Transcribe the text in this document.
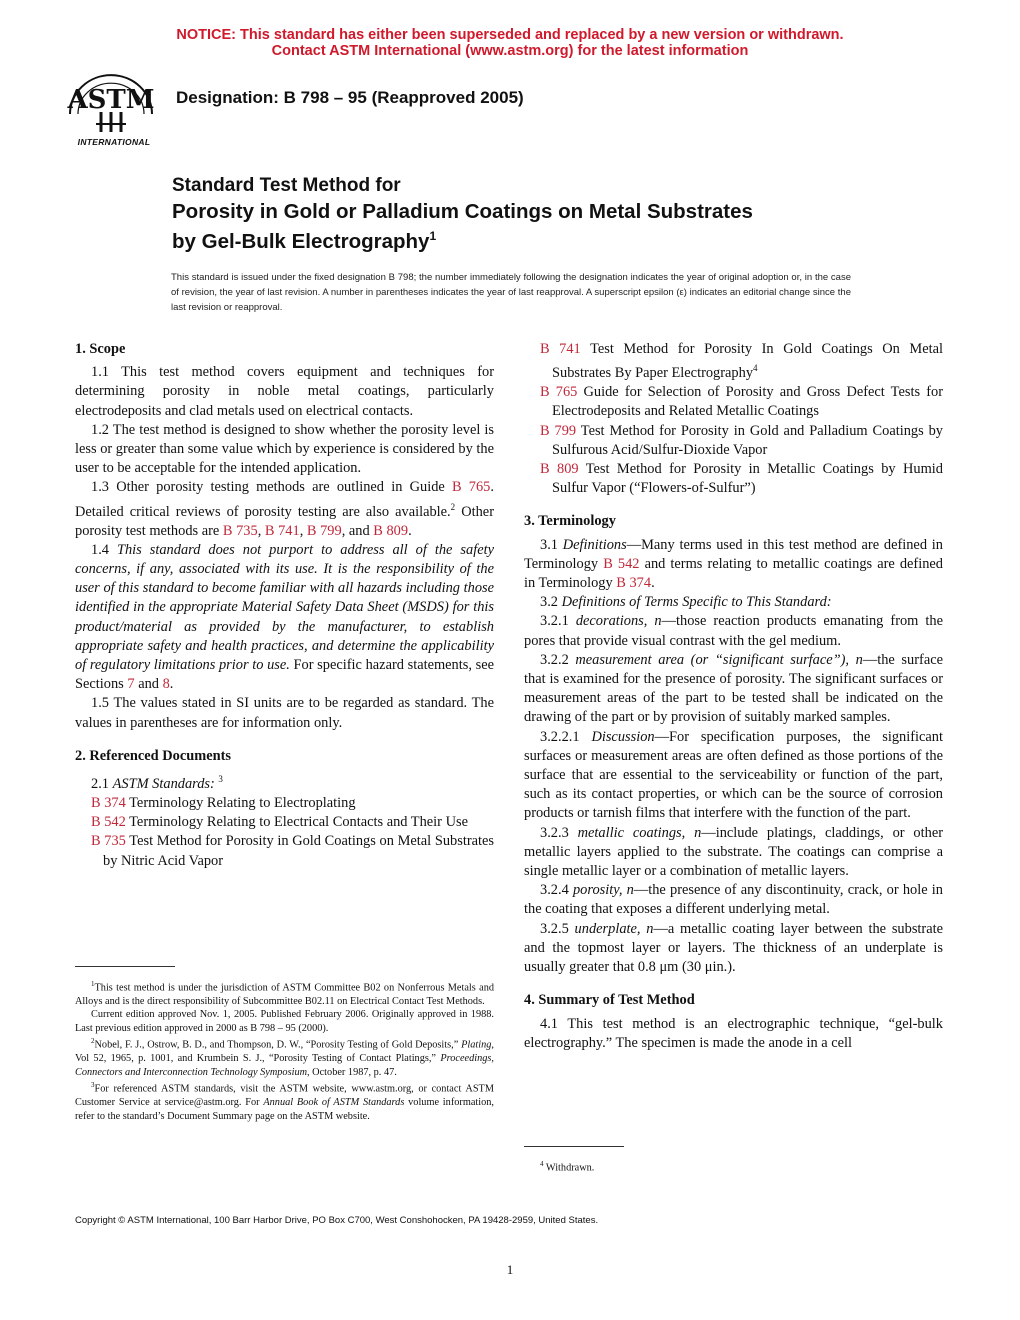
NOTICE: This standard has either been superseded and replaced by a new version or withdrawn.
Contact ASTM International (www.astm.org) for the latest information
ASTM
INTERNATIONAL
Designation: B 798 – 95 (Reapproved 2005)
Standard Test Method for
Porosity in Gold or Palladium Coatings on Metal Substrates
by Gel-Bulk Electrography$^1$
This standard is issued under the fixed designation B 798; the number immediately following the designation indicates the year of original adoption or, in the case of revision, the year of last revision. A number in parentheses indicates the year of last reapproval. A superscript epsilon (ε) indicates an editorial change since the last revision or reapproval.

1. Scope

1.1 This test method covers equipment and techniques for determining porosity in noble metal coatings, particularly electrodeposits and clad metals used on electrical contacts.

1.2 The test method is designed to show whether the porosity level is less or greater than some value which by experience is considered by the user to be acceptable for the intended application.

1.3 Other porosity testing methods are outlined in Guide B 765. Detailed critical reviews of porosity testing are also available.$^2$ Other porosity test methods are B 735, B 741, B 799, and B 809.

1.4 This standard does not purport to address all of the safety concerns, if any, associated with its use. It is the responsibility of the user of this standard to become familiar with all hazards including those identified in the appropriate Material Safety Data Sheet (MSDS) for this product/material as provided by the manufacturer, to establish appropriate safety and health practices, and determine the applicability of regulatory limitations prior to use. For specific hazard statements, see Sections 7 and 8.

1.5 The values stated in SI units are to be regarded as standard. The values in parentheses are for information only.

2. Referenced Documents

2.1 ASTM Standards: $^3$

B 374 Terminology Relating to Electroplating

B 542 Terminology Relating to Electrical Contacts and Their Use

B 735 Test Method for Porosity in Gold Coatings on Metal Substrates by Nitric Acid Vapor

$^1$This test method is under the jurisdiction of ASTM Committee B02 on Nonferrous Metals and Alloys and is the direct responsibility of Subcommittee B02.11 on Electrical Contact Test Methods.

Current edition approved Nov. 1, 2005. Published February 2006. Originally approved in 1988. Last previous edition approved in 2000 as B 798 – 95 (2000).

$^2$Nobel, F. J., Ostrow, B. D., and Thompson, D. W., “Porosity Testing of Gold Deposits,” Plating, Vol 52, 1965, p. 1001, and Krumbein S. J., “Porosity Testing of Contact Platings,” Proceedings, Connectors and Interconnection Technology Symposium, October 1987, p. 47.

$^3$For referenced ASTM standards, visit the ASTM website, www.astm.org, or contact ASTM Customer Service at service@astm.org. For Annual Book of ASTM Standards volume information, refer to the standard’s Document Summary page on the ASTM website.

B 741 Test Method for Porosity In Gold Coatings On Metal Substrates By Paper Electrography$^4$

B 765 Guide for Selection of Porosity and Gross Defect Tests for Electrodeposits and Related Metallic Coatings

B 799 Test Method for Porosity in Gold and Palladium Coatings by Sulfurous Acid/Sulfur-Dioxide Vapor

B 809 Test Method for Porosity in Metallic Coatings by Humid Sulfur Vapor (“Flowers-of-Sulfur”)

3. Terminology

3.1 Definitions—Many terms used in this test method are defined in Terminology B 542 and terms relating to metallic coatings are defined in Terminology B 374.

3.2 Definitions of Terms Specific to This Standard:

3.2.1 decorations, n—those reaction products emanating from the pores that provide visual contrast with the gel medium.

3.2.2 measurement area (or “significant surface”), n—the surface that is examined for the presence of porosity. The significant surfaces or measurement areas of the part to be tested shall be indicated on the drawing of the part or by provision of suitably marked samples.

3.2.2.1 Discussion—For specification purposes, the significant surfaces or measurement areas are often defined as those portions of the surface that are essential to the serviceability or function of the part, such as its contact properties, or which can be the source of corrosion products or tarnish films that interfere with the function of the part.

3.2.3 metallic coatings, n—include platings, claddings, or other metallic layers applied to the substrate. The coatings can comprise a single metallic layer or a combination of metallic layers.

3.2.4 porosity, n—the presence of any discontinuity, crack, or hole in the coating that exposes a different underlying metal.

3.2.5 underplate, n—a metallic coating layer between the substrate and the topmost layer or layers. The thickness of an underplate is usually greater that 0.8 μm (30 μin.).

4. Summary of Test Method

4.1 This test method is an electrographic technique, “gel-bulk electrography.” The specimen is made the anode in a cell

$^4$ Withdrawn.
Copyright © ASTM International, 100 Barr Harbor Drive, PO Box C700, West Conshohocken, PA 19428-2959, United States.
1
